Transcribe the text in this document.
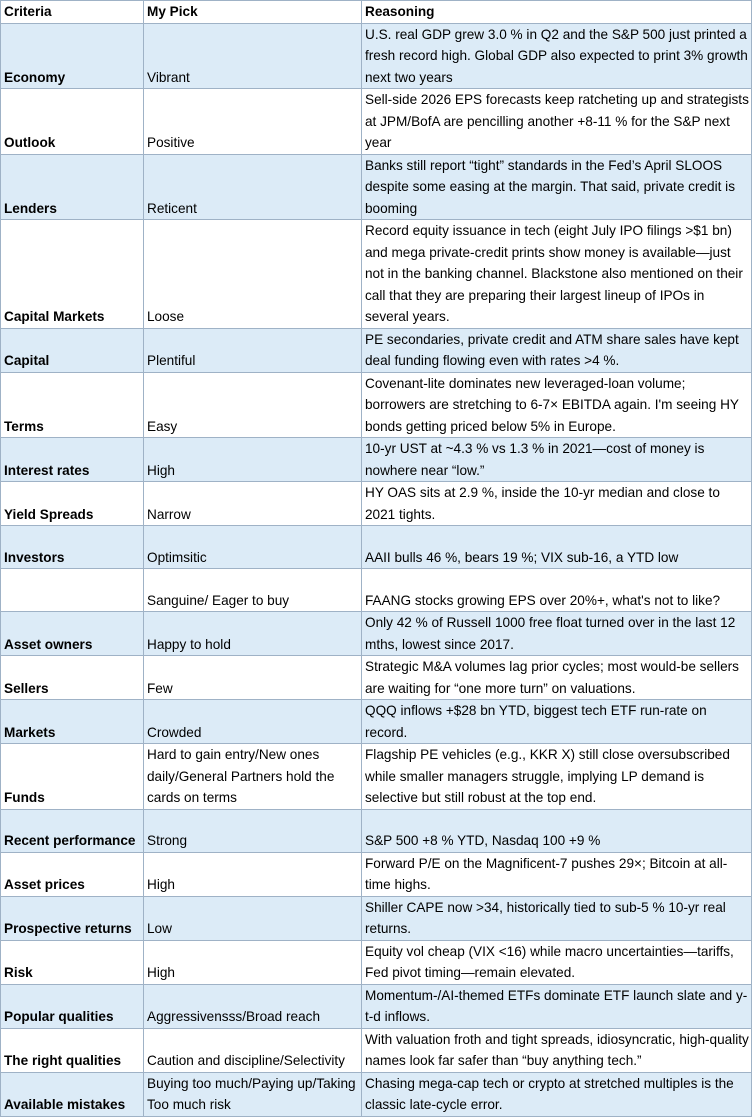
Criteria	My Pick	Reasoning
Economy	Vibrant	U.S. real GDP grew 3.0 % in Q2 and the S&P 500 just printed a fresh record high. Global GDP also expected to print 3% growth next two years
Outlook	Positive	Sell-side 2026 EPS forecasts keep ratcheting up and strategists at JPM/BofA are pencilling another +8-11 % for the S&P next year
Lenders	Reticent	Banks still report “tight” standards in the Fed’s April SLOOS despite some easing at the margin. That said, private credit is booming
Capital Markets	Loose	Record equity issuance in tech (eight July IPO filings >$1 bn) and mega private-credit prints show money is available—just not in the banking channel. Blackstone also mentioned on their call that they are preparing their largest lineup of IPOs in several years.
Capital	Plentiful	PE secondaries, private credit and ATM share sales have kept deal funding flowing even with rates >4 %.
Terms	Easy	Covenant-lite dominates new leveraged-loan volume; borrowers are stretching to 6-7× EBITDA again. I'm seeing HY bonds getting priced below 5% in Europe.
Interest rates	High	10-yr UST at ~4.3 % vs 1.3 % in 2021—cost of money is nowhere near “low.”
Yield Spreads	Narrow	HY OAS sits at 2.9 %, inside the 10-yr median and close to 2021 tights.
Investors	Optimsitic	AAII bulls 46 %, bears 19 %; VIX sub-16, a YTD low
	Sanguine/ Eager to buy	FAANG stocks growing EPS over 20%+, what's not to like?
Asset owners	Happy to hold	Only 42 % of Russell 1000 free float turned over in the last 12 mths, lowest since 2017.
Sellers	Few	Strategic M&A volumes lag prior cycles; most would-be sellers are waiting for “one more turn” on valuations.
Markets	Crowded	QQQ inflows +$28 bn YTD, biggest tech ETF run-rate on record.
Funds	Hard to gain entry/New ones daily/General Partners hold the cards on terms	Flagship PE vehicles (e.g., KKR X) still close oversubscribed while smaller managers struggle, implying LP demand is selective but still robust at the top end.
Recent performance	Strong	S&P 500 +8 % YTD, Nasdaq 100 +9 %
Asset prices	High	Forward P/E on the Magnificent-7 pushes 29×; Bitcoin at all-time highs.
Prospective returns	Low	Shiller CAPE now >34, historically tied to sub-5 % 10-yr real returns.
Risk	High	Equity vol cheap (VIX <16) while macro uncertainties—tariffs, Fed pivot timing—remain elevated.
Popular qualities	Aggressivensss/Broad reach	Momentum-/AI-themed ETFs dominate ETF launch slate and y-t-d inflows.
The right qualities	Caution and discipline/Selectivity	With valuation froth and tight spreads, idiosyncratic, high-quality names look far safer than “buy anything tech.”
Available mistakes	Buying too much/Paying up/Taking Too much risk	Chasing mega-cap tech or crypto at stretched multiples is the classic late-cycle error.
